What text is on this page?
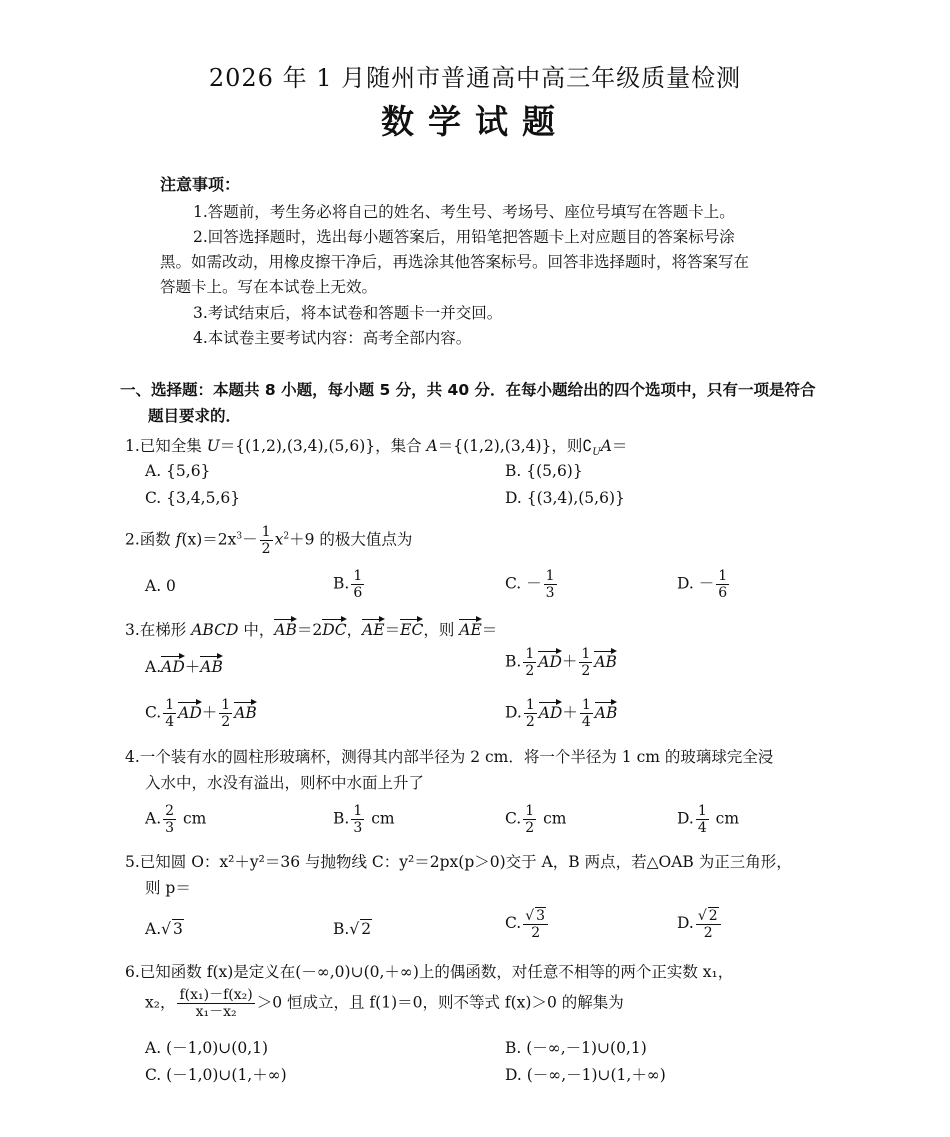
2026 年 1 月随州市普通高中高三年级质量检测
数学试题
注意事项：
1.答题前，考生务必将自己的姓名、考生号、考场号、座位号填写在答题卡上。
2.回答选择题时，选出每小题答案后，用铅笔把答题卡上对应题目的答案标号涂
黑。如需改动，用橡皮擦干净后，再选涂其他答案标号。回答非选择题时，将答案写在
答题卡上。写在本试卷上无效。
3.考试结束后，将本试卷和答题卡一并交回。
4.本试卷主要考试内容：高考全部内容。
一、选择题：本题共 8 小题，每小题 5 分，共 40 分．在每小题给出的四个选项中，只有一项是符合
题目要求的．
1.已知全集 U＝{(1,2),(3,4),(5,6)}，集合 A＝{(1,2),(3,4)}，则$∁_UA=$
A. {5,6}	B. {(5,6)}
C. {3,4,5,6}	D. {(3,4),(5,6)}
2.函数 $f(x)=2x^3- \frac{1}{2} x^2+9$ 的极大值点为
A. 0	B. $\frac{1}{6}$	C. － $\frac{1}{3}$	D. － $\frac{1}{6}$
3.在梯形 ABCD 中，AB＝2DC，AE＝EC，则 AE＝
A.AD＋AB	B. $\frac{1}{2} AD+ \frac{1}{2}$ AB
C. $\frac{1}{4} AD+ \frac{1}{2}$ AB	D. $\frac{1}{2} AD+ \frac{1}{4}$ AB
4.一个装有水的圆柱形玻璃杯，测得其内部半径为 2 cm．将一个半径为 1 cm 的玻璃球完全浸
入水中，水没有溢出，则杯中水面上升了
A. $\frac{2}{3}$ cm	B. $\frac{1}{3}$ cm	C. $\frac{1}{2}$ cm	D. $\frac{1}{4}$ cm
5.已知圆 O：x²＋y²＝36 与抛物线 C：y²＝2px(p＞0)交于 A，B 两点，若△OAB 为正三角形，
则 p＝
A.√ 3	B.√ 2	C. $\frac{√ 3}{2}$	D. $\frac{√ 2}{2}$
6.已知函数 f(x)是定义在(－∞,0)∪(0,＋∞)上的偶函数，对任意不相等的两个正实数 x₁，
x₂， $\frac{\text{f(x₁)－f(x₂)}}{\text{x₁－x₂}} >0$ 恒成立，且 f(1)＝0，则不等式 f(x)＞0 的解集为
A. (－1,0)∪(0,1)	B. (－∞,－1)∪(0,1)
C. (－1,0)∪(1,＋∞)	D. (－∞,－1)∪(1,＋∞)
